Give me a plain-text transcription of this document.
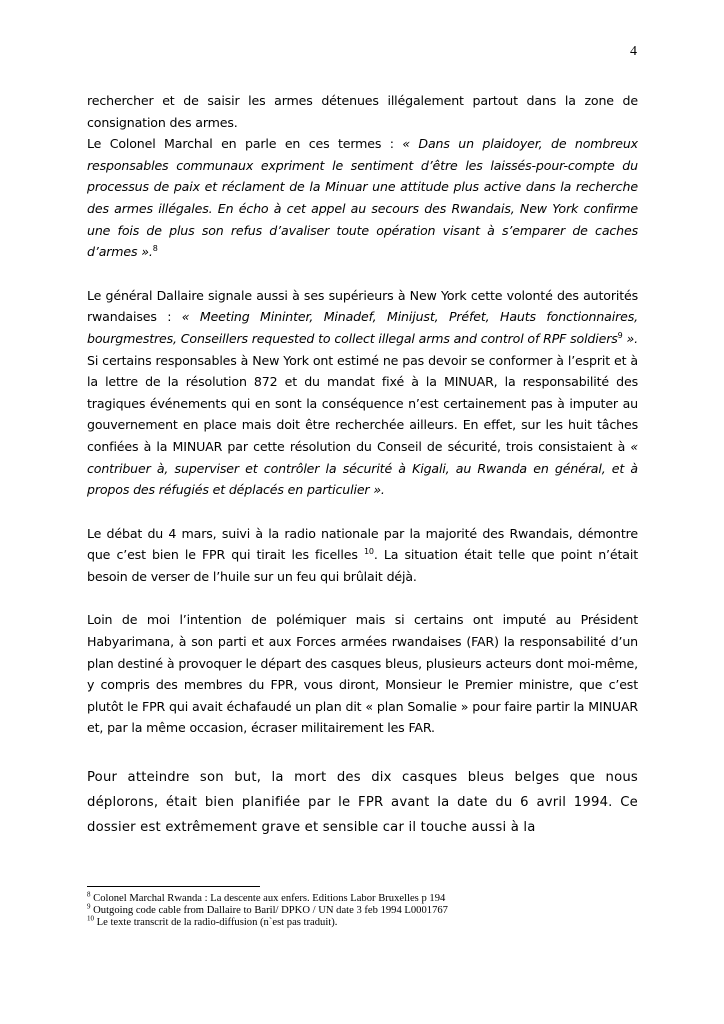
4

rechercher et de saisir les armes détenues illégalement partout dans la zone de consignation des armes.

Le Colonel Marchal en parle en ces termes : « Dans un plaidoyer, de nombreux responsables communaux expriment le sentiment d’être les laissés-pour-compte du processus de paix et réclament de la Minuar une attitude plus active dans la recherche des armes illégales. En écho à cet appel au secours des Rwandais, New York confirme une fois de plus son refus d’avaliser toute opération visant à s’emparer de caches d’armes ».$^8$

Le général Dallaire signale aussi à ses supérieurs à New York cette volonté des autorités rwandaises : « Meeting Mininter, Minadef, Minijust, Préfet, Hauts fonctionnaires, bourgmestres, Conseillers requested to collect illegal arms and control of RPF soldiers$^9$ ».

Si certains responsables à New York ont estimé ne pas devoir se conformer à l’esprit et à la lettre de la résolution 872 et du mandat fixé à la MINUAR, la responsabilité des tragiques événements qui en sont la conséquence n’est certainement pas à imputer au gouvernement en place mais doit être recherchée ailleurs. En effet, sur les huit tâches confiées à la MINUAR par cette résolution du Conseil de sécurité, trois consistaient à « contribuer à, superviser et contrôler la sécurité à Kigali, au Rwanda en général, et à propos des réfugiés et déplacés en particulier ».

Le débat du 4 mars, suivi à la radio nationale par la majorité des Rwandais, démontre que c’est bien le FPR qui tirait les ficelles $^{10}$. La situation était telle que point n’était besoin de verser de l’huile sur un feu qui brûlait déjà.

Loin de moi l’intention de polémiquer mais si certains ont imputé au Président Habyarimana, à son parti et aux Forces armées rwandaises (FAR) la responsabilité d’un plan destiné à provoquer le départ des casques bleus, plusieurs acteurs dont moi-même, y compris des membres du FPR, vous diront, Monsieur le Premier ministre, que c’est plutôt le FPR qui avait échafaudé un plan dit « plan Somalie » pour faire partir la MINUAR et, par la même occasion, écraser militairement les FAR.

Pour atteindre son but, la mort des dix casques bleus belges que nous déplorons, était bien planifiée par le FPR avant la date du 6 avril 1994. Ce dossier est extrêmement grave et sensible car il touche aussi à la

$^8$ Colonel Marchal Rwanda : La descente aux enfers. Editions Labor Bruxelles p 194
$^9$ Outgoing code cable from Dallaire to Baril/ DPKO / UN date 3 feb 1994 L0001767
$^{10}$ Le texte transcrit de la radio-diffusion (n`est pas traduit).
